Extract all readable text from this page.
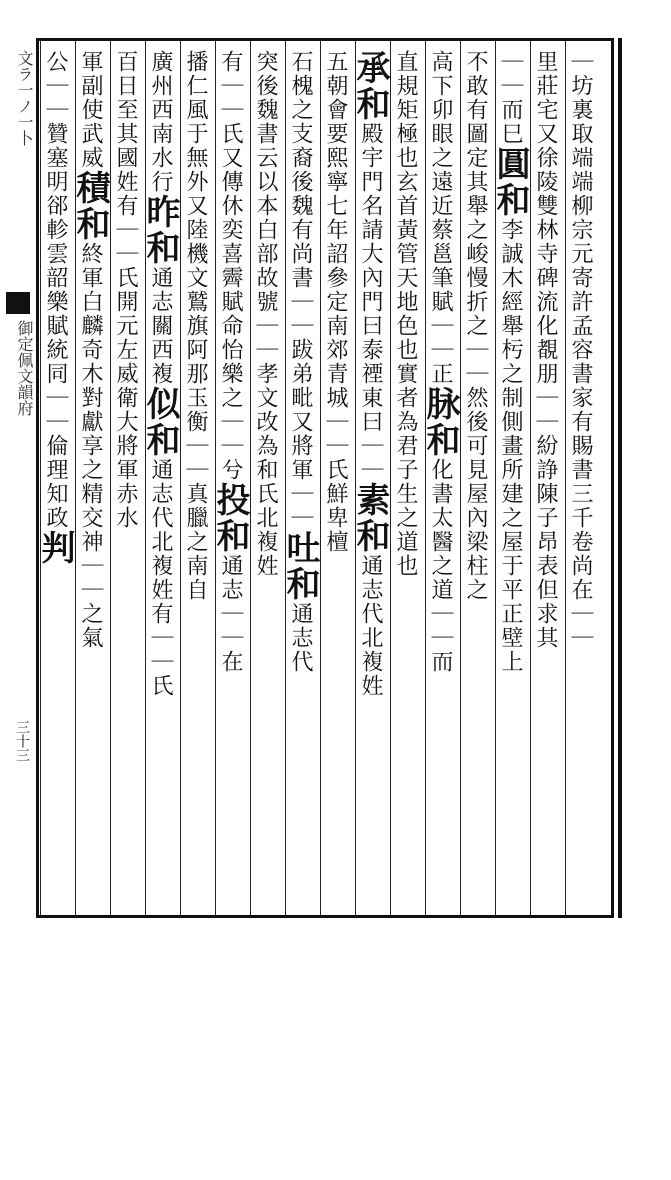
文ラ一ノ一卜
御定佩文韻府
三十三
｜坊裏取端端柳宗元寄許孟容書家有賜書三千卷尚在｜｜
里莊宅又徐陵雙林寺碑流化覩朋｜｜紛諍陳子昂表但求其
｜｜而巳圓和李誠木經舉杇之制側畫所建之屋于平正壁上
不敢有圖定其舉之峻慢折之｜｜然後可見屋內梁柱之
高下卯眼之遠近蔡邕筆賦｜｜正脉和化書太醫之道｜｜而
直規矩極也玄首黃管天地色也實者為君子生之道也
承和殿宇門名請大內門曰泰禋東曰｜｜素和通志代北複姓
五朝會要熙寧七年詔參定南郊青城｜｜氏鮮卑檀
石槐之支裔後魏有尚書｜｜跋弟毗又將軍｜｜吐和通志代
突後魏書云以本白部故號｜｜孝文改為和氏北複姓
有｜｜氏又傳休奕喜霽賦命怡樂之｜｜兮投和通志｜｜在
播仁風于無外又陸機文鷲旗阿那玉衡｜｜真臘之南自
廣州西南水行昨和通志關西複似和通志代北複姓有｜｜氏
百日至其國姓有｜｜氏開元左威衛大將軍赤水
軍副使武威積和終軍白麟奇木對獻享之精交神｜｜之氣
公｜｜贊塞明郤軫雲韶樂賦統同｜｜倫理知政判
